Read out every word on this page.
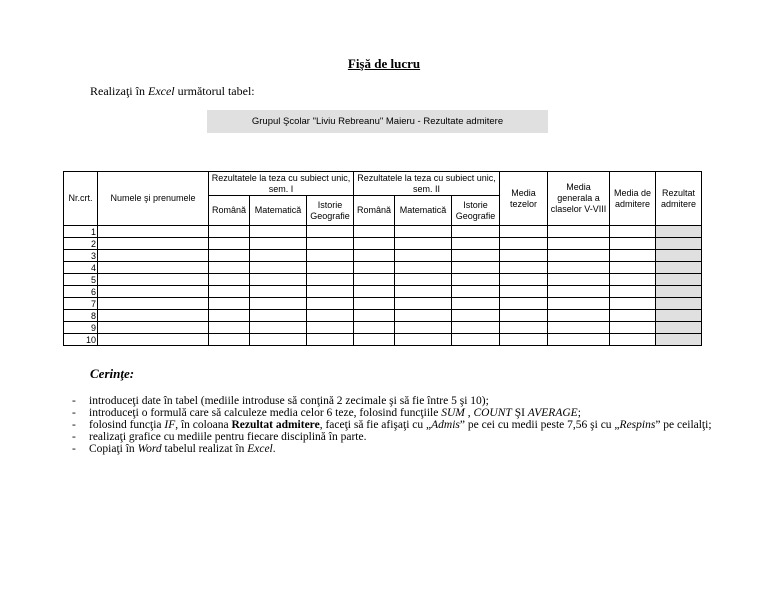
Fişă de lucru
Realizaţi în Excel următorul tabel:
Grupul Şcolar "Liviu Rebreanu" Maieru - Rezultate admitere
Nr.crt.	Numele şi prenumele	Rezultatele la teza cu subiect unic, sem. I			Rezultatele la teza cu subiect unic, sem. II			Media tezelor	Media generala a claselor V-VIII	Media de admitere	Rezultat admitere
		Română	Matematică	Istorie Geografie	Română	Matematică	Istorie Geografie				
1											
2											
3											
4											
5											
6											
7											
8											
9											
10											
Cerinţe:
- introduceţi date în tabel (mediile introduse să conţină 2 zecimale şi să fie între 5 şi 10);
- introduceţi o formulă care să calculeze media celor 6 teze, folosind funcţiile SUM , COUNT ŞI AVERAGE;
- folosind funcţia IF, în coloana Rezultat admitere, faceţi să fie afişaţi cu „Admis” pe cei cu medii peste 7,56 şi cu „Respins” pe ceilalţi;
- realizaţi grafice cu mediile pentru fiecare disciplină în parte.
- Copiaţi în Word tabelul realizat în Excel.
